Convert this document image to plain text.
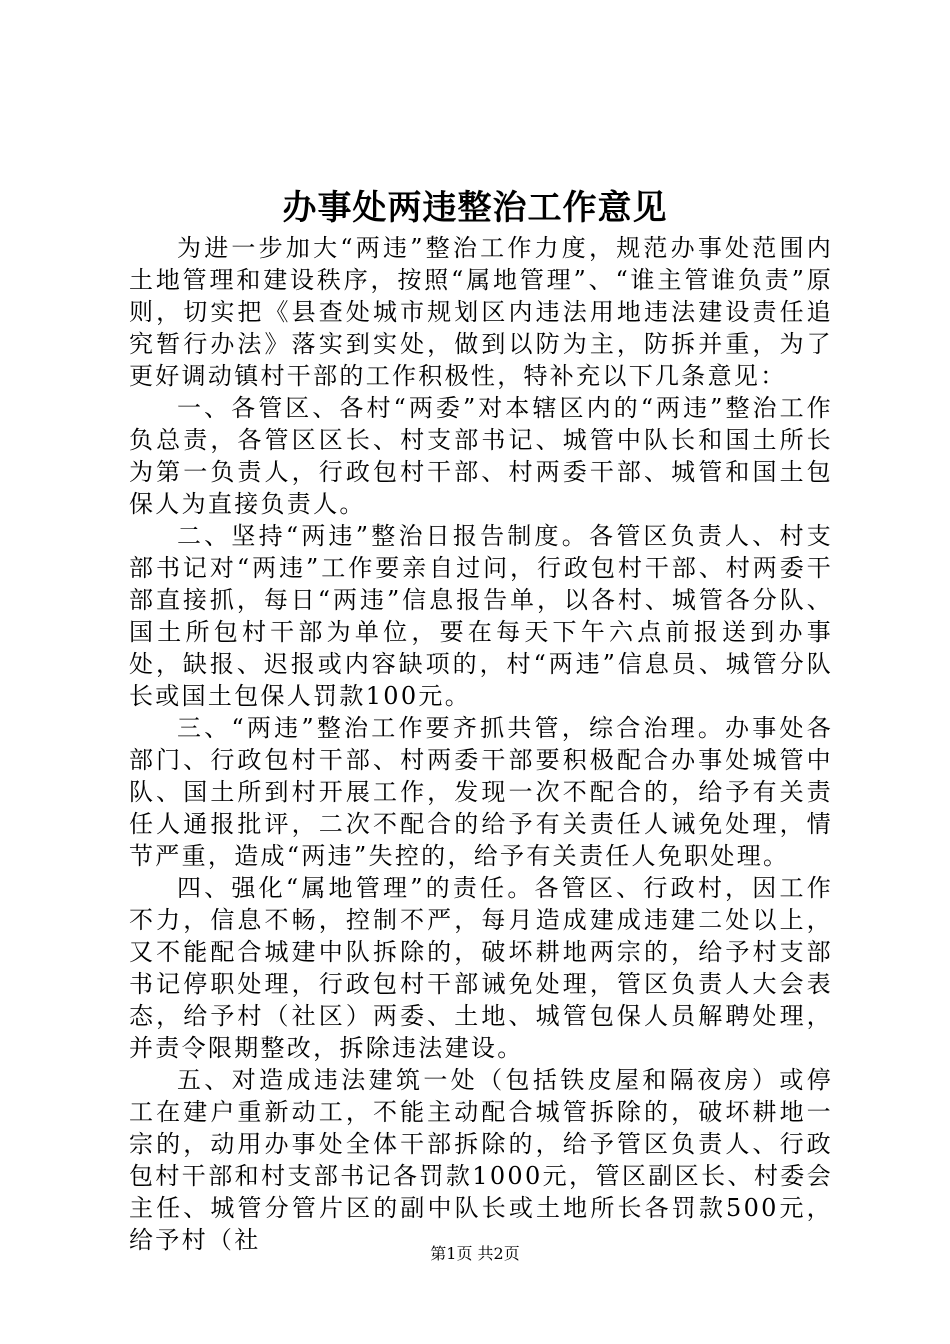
办事处两违整治工作意见

为进一步加大“两违”整治工作力度，规范办事处范围内土地管理和建设秩序，按照“属地管理”、“谁主管谁负责”原则，切实把《县查处城市规划区内违法用地违法建设责任追究暂行办法》落实到实处，做到以防为主，防拆并重，为了更好调动镇村干部的工作积极性，特补充以下几条意见：

一、各管区、各村“两委”对本辖区内的“两违”整治工作负总责，各管区区长、村支部书记、城管中队长和国土所长为第一负责人，行政包村干部、村两委干部、城管和国土包保人为直接负责人。

二、坚持“两违”整治日报告制度。各管区负责人、村支部书记对“两违”工作要亲自过问，行政包村干部、村两委干部直接抓，每日“两违”信息报告单，以各村、城管各分队、国土所包村干部为单位，要在每天下午六点前报送到办事处，缺报、迟报或内容缺项的，村“两违”信息员、城管分队长或国土包保人罚款100元。

三、“两违”整治工作要齐抓共管，综合治理。办事处各部门、行政包村干部、村两委干部要积极配合办事处城管中队、国土所到村开展工作，发现一次不配合的，给予有关责任人通报批评，二次不配合的给予有关责任人诫免处理，情节严重，造成“两违”失控的，给予有关责任人免职处理。

四、强化“属地管理”的责任。各管区、行政村，因工作不力，信息不畅，控制不严，每月造成建成违建二处以上，又不能配合城建中队拆除的，破坏耕地两宗的，给予村支部书记停职处理，行政包村干部诫免处理，管区负责人大会表态，给予村（社区）两委、土地、城管包保人员解聘处理，并责令限期整改，拆除违法建设。

五、对造成违法建筑一处（包括铁皮屋和隔夜房）或停工在建户重新动工，不能主动配合城管拆除的，破坏耕地一宗的，动用办事处全体干部拆除的，给予管区负责人、行政包村干部和村支部书记各罚款1000元，管区副区长、村委会主任、城管分管片区的副中队长或土地所长各罚款500元，给予村（社	第1页 共2页
